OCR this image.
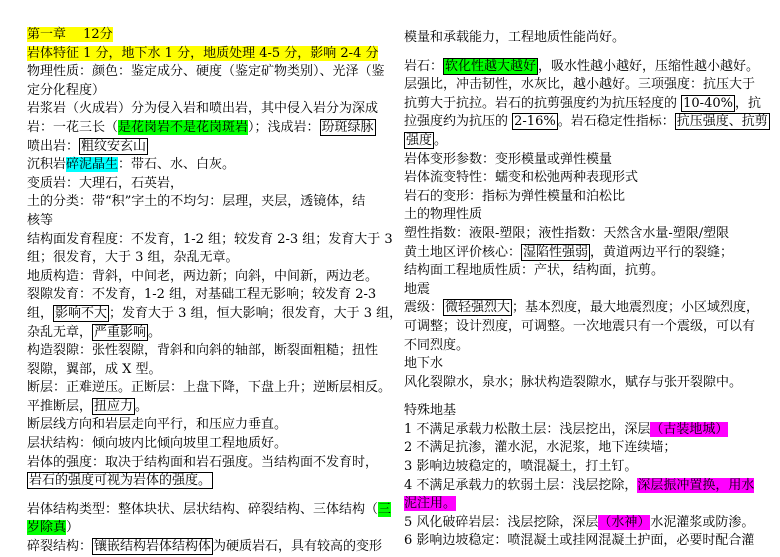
第一章　 12分
岩体特征 1 分，地下水 1 分，地质处理 4-5 分，影响 2-4 分
物理性质：颜色：鉴定成分、硬度（鉴定矿物类别）、光泽（鉴
定分化程度）
岩浆岩（火成岩）分为侵入岩和喷出岩，其中侵入岩分为深成
岩：一花三长（是花岗岩不是花岗斑岩）；浅成岩： 玢斑绿脉
喷出岩： 粗纹安玄山
沉积岩碎泥晶生：带石、水、白灰。
变质岩：大理石，石英岩，
土的分类：带“积”字土的不均匀：层理，夹层，透镜体，结
核等
结构面发育程度：不发育，1-2 组；较发育 2-3 组；发育大于 3
组；很发育，大于 3 组，杂乱无章。
地质构造：背斜，中间老，两边新；向斜，中间新，两边老。
裂隙发育：不发育，1-2 组，对基础工程无影响；较发育 2-3
组， 影响不大 ；发育大于 3 组，恒大影响；很发育，大于 3 组，
杂乱无章， 严重影响 。
构造裂隙：张性裂隙，背斜和向斜的轴部，断裂面粗糙；扭性
裂隙，翼部，成 X 型。
断层：正难逆压。正断层：上盘下降，下盘上升；逆断层相反。
平推断层， 扭应力 。
断层线方向和岩层走向平行，和压应力垂直。
层状结构：倾向坡内比倾向坡里工程地质好。
岩体的强度：取决于结构面和岩石强度。当结构面不发育时，
岩石的强度可视为岩体的强度。
岩体结构类型：整体块状、层状结构、碎裂结构、三体结构（三
岁除真）
碎裂结构： 镶嵌结构岩体结构体 为硬质岩石，具有较高的变形
模量和承载能力，工程地质性能尚好。
岩石： 软化性越大越好 ，吸水性越小越好，压缩性越小越好。
层强比，冲击韧性，水灰比，越小越好。三项强度：抗压大于
抗剪大于抗拉。岩石的抗剪强度约为抗压轻度的 10-40% ，抗
拉强度约为抗压的 2-16% 。岩石稳定性指标： 抗压强度、抗剪
强度 。
岩体变形参数：变形模量或弹性模量
岩体流变特性：蠕变和松弛两种表现形式
岩石的变形：指标为弹性模量和泊松比
土的物理性质
塑性指数：液限-塑限；液性指数：天然含水量-塑限/塑限
黄土地区评价核心： 湿陷性强弱 ，黄道两边平行的裂缝；
结构面工程地质性质：产状，结构面，抗剪。
地震
震级： 微轻强烈大 ；基本烈度，最大地震烈度；小区域烈度，
可调整；设计烈度，可调整。一次地震只有一个震级，可以有
不同烈度。
地下水
风化裂隙水，泉水；脉状构造裂隙水，赋存与张开裂隙中。
特殊地基
1 不满足承载力松散土层：浅层挖出，深层（古装地城）
2 不满足抗渗，灌水泥，水泥浆，地下连续墙；
3 影响边坡稳定的，喷混凝土，打土钉。
4 不满足承载力的软弱土层：浅层挖除，深层振冲置换，用水
泥注用。
5 风化破碎岩层：浅层挖除，深层（水神）水泥灌浆或防渗。
6 影响边坡稳定：喷混凝土或挂网混凝土护面，必要时配合灌
